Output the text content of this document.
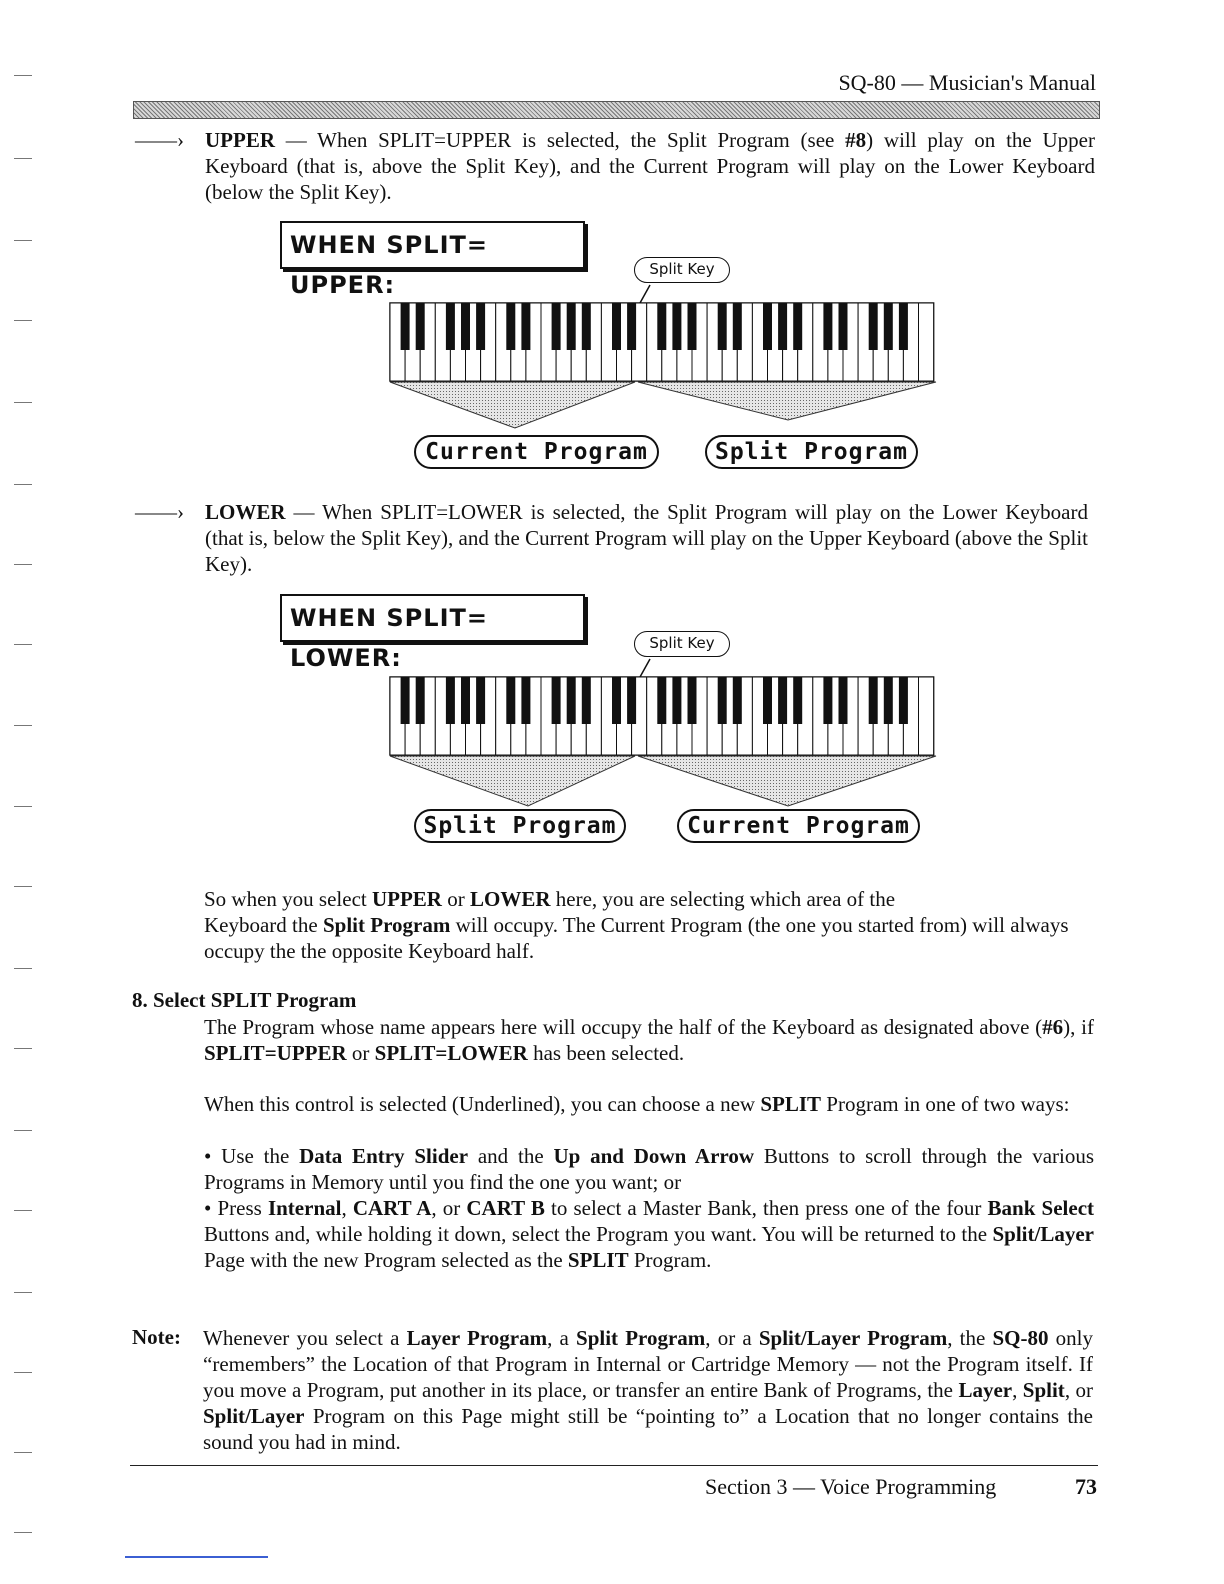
SQ-80 — Musician's Manual
——› UPPER — When SPLIT=UPPER is selected, the Split Program (see #8) will play on the Upper Keyboard (that is, above the Split Key), and the Current Program will play on the Lower Keyboard (below the Split Key).
WHEN SPLIT= UPPER:
Split Key
Current Program	Split Program
——› LOWER — When SPLIT=LOWER is selected, the Split Program will play on the Lower Keyboard (that is, below the Split Key), and the Current Program will play on the Upper Keyboard (above the Split Key).
WHEN SPLIT= LOWER:
Split Key
Split Program	Current Program
So when you select UPPER or LOWER here, you are selecting which area of the
Keyboard the Split Program will occupy. The Current Program (the one you started from) will always occupy the the opposite Keyboard half.
8. Select SPLIT Program
The Program whose name appears here will occupy the half of the Keyboard as designated above (#6), if SPLIT=UPPER or SPLIT=LOWER has been selected.
When this control is selected (Underlined), you can choose a new SPLIT Program in one of two ways:
• Use the Data Entry Slider and the Up and Down Arrow Buttons to scroll through the various Programs in Memory until you find the one you want; or
• Press Internal, CART A, or CART B to select a Master Bank, then press one of the four Bank Select Buttons and, while holding it down, select the Program you want. You will be returned to the Split/Layer Page with the new Program selected as the SPLIT Program.
Note: Whenever you select a Layer Program, a Split Program, or a Split/Layer Program, the SQ-80 only “remembers” the Location of that Program in Internal or Cartridge Memory — not the Program itself. If you move a Program, put another in its place, or transfer an entire Bank of Programs, the Layer, Split, or Split/Layer Program on this Page might still be “pointing to” a Location that no longer contains the sound you had in mind.
Section 3 — Voice Programming	73
